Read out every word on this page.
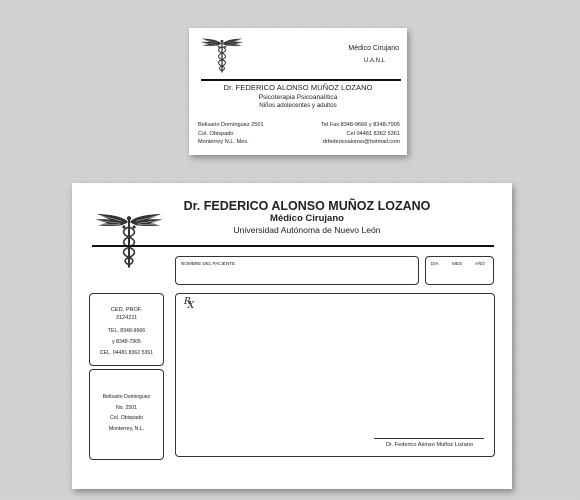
Médico Cirujano
U.A.N.L
Dr. FEDERICO ALONSO MUÑOZ LOZANO
Psicoterapia Psicoanalítica
Niños adolecentes y adultos
Belisario Domínguez 2501
Col. Obispado
Monterrey N.L. Mex.
Tel Fax 8348-9666 y 8348-7905
Cel 04481 8362 5361
drfedericoalonso@hotmail.com
Dr. FEDERICO ALONSO MUÑOZ LOZANO
Médico Cirujano
Universidad Autónoma de Nuevo León
NOMBRE DEL PACIENTE	DIA	MES	AÑO
CED. PROF.
3124211
TEL. 8348-9666
y 8348-7905
CEL. 04481 8362 5361
Belisario Dominguez
No. 2501
Col. Obispado
Monterrey, N.L.
RX
Dr. Federico Alonso Muñoz Lozano
